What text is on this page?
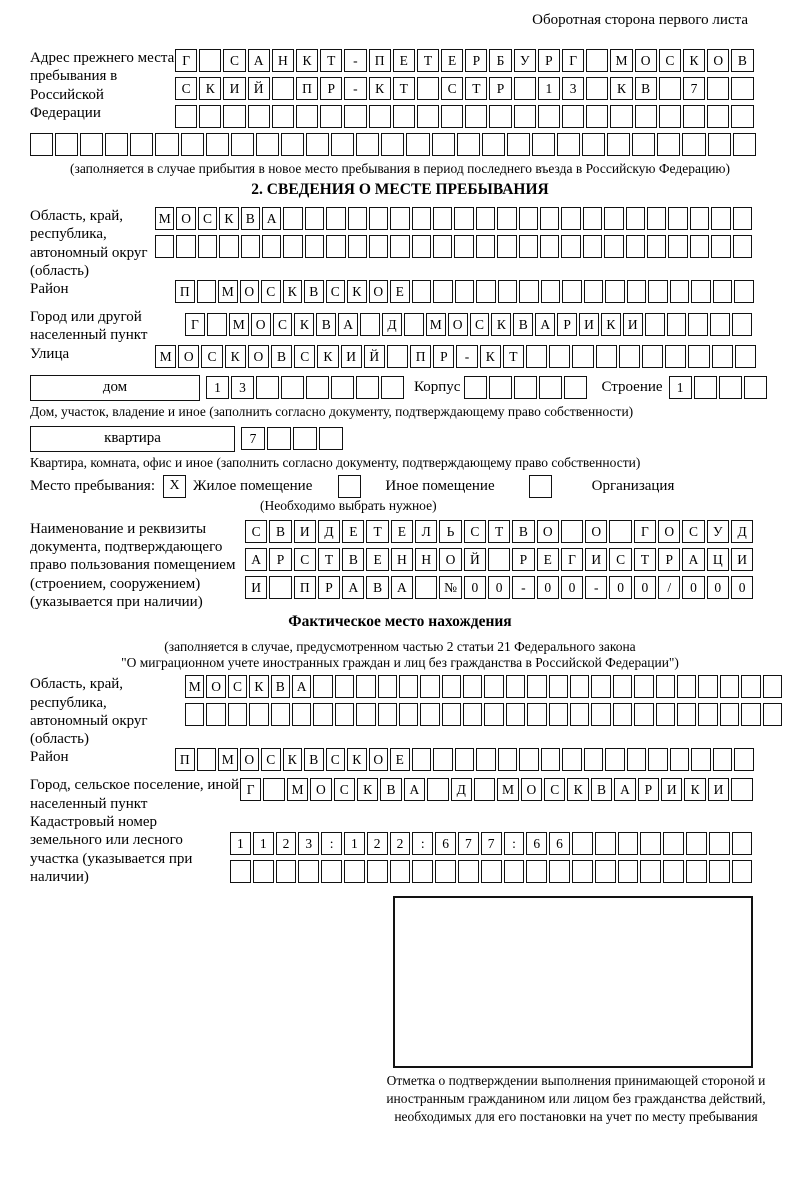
Оборотная сторона первого листа
Адрес прежнего места пребывания в Российской Федерации
Г	С	А	Н	К	Т	-	П	Е	Т	Е	Р	Б	У	Р	Г	М О	С	К	О	В
С	К	И	Й	П	Р	-	К	Т	С	Т	Р	1	3	К	В	7
(заполняется в случае прибытия в новое место пребывания в период последнего въезда в Российскую Федерацию)
2. СВЕДЕНИЯ О МЕСТЕ ПРЕБЫВАНИЯ
Область, край, республика, автономный округ (область)
М О С К В А
Район	П	М О С К В С К О Е
Город или другой населенный пункт
Г	М О С К В А	Д	М О С К В А Р И К И
Улица	М О	С	К	О	В	С	К	И Й	П	Р	-	К	Т
дом	1	3	Корпус	Строение	1
Дом, участок, владение и иное (заполнить согласно документу, подтверждающему право собственности)
квартира	7
Квартира, комната, офис и иное (заполнить согласно документу, подтверждающему право собственности)
Место пребывания: X Жилое помещение	Иное помещение	Организация
(Необходимо выбрать нужное)
Наименование и реквизиты документа, подтверждающего право пользования помещением (строением, сооружением) (указывается при наличии)
С	В	И	Д	Е	Т	Е	Л	Ь	С	Т	В	О	О	Г	О	С	У	Д
А	Р	С	Т	В	Е	Н	Н	О	Й	Р	Е	Г	И	С	Т	Р	А	Ц	И
И	П	Р	А	В	А	№	0	0	-	0	0	-	0	0	/	0	0	0
Фактическое место нахождения
(заполняется в случае, предусмотренном частью 2 статьи 21 Федерального закона
"О миграционном учете иностранных граждан и лиц без гражданства в Российской Федерации")
Область, край, республика, автономный округ (область)
М О С К В А
Район	П	М О С К В С К О Е
Город, сельское поселение, иной населенный пункт
Г	М О	С	К	В	А	Д	М О	С	К	В	А	Р	И	К	И
Кадастровый номер земельного или лесного участка (указывается при наличии)
1	1	2	3	:	1	2	2	:	6	7	7	:	6	6
Отметка о подтверждении выполнения принимающей стороной и иностранным гражданином или лицом без гражданства действий, необходимых для его постановки на учет по месту пребывания
